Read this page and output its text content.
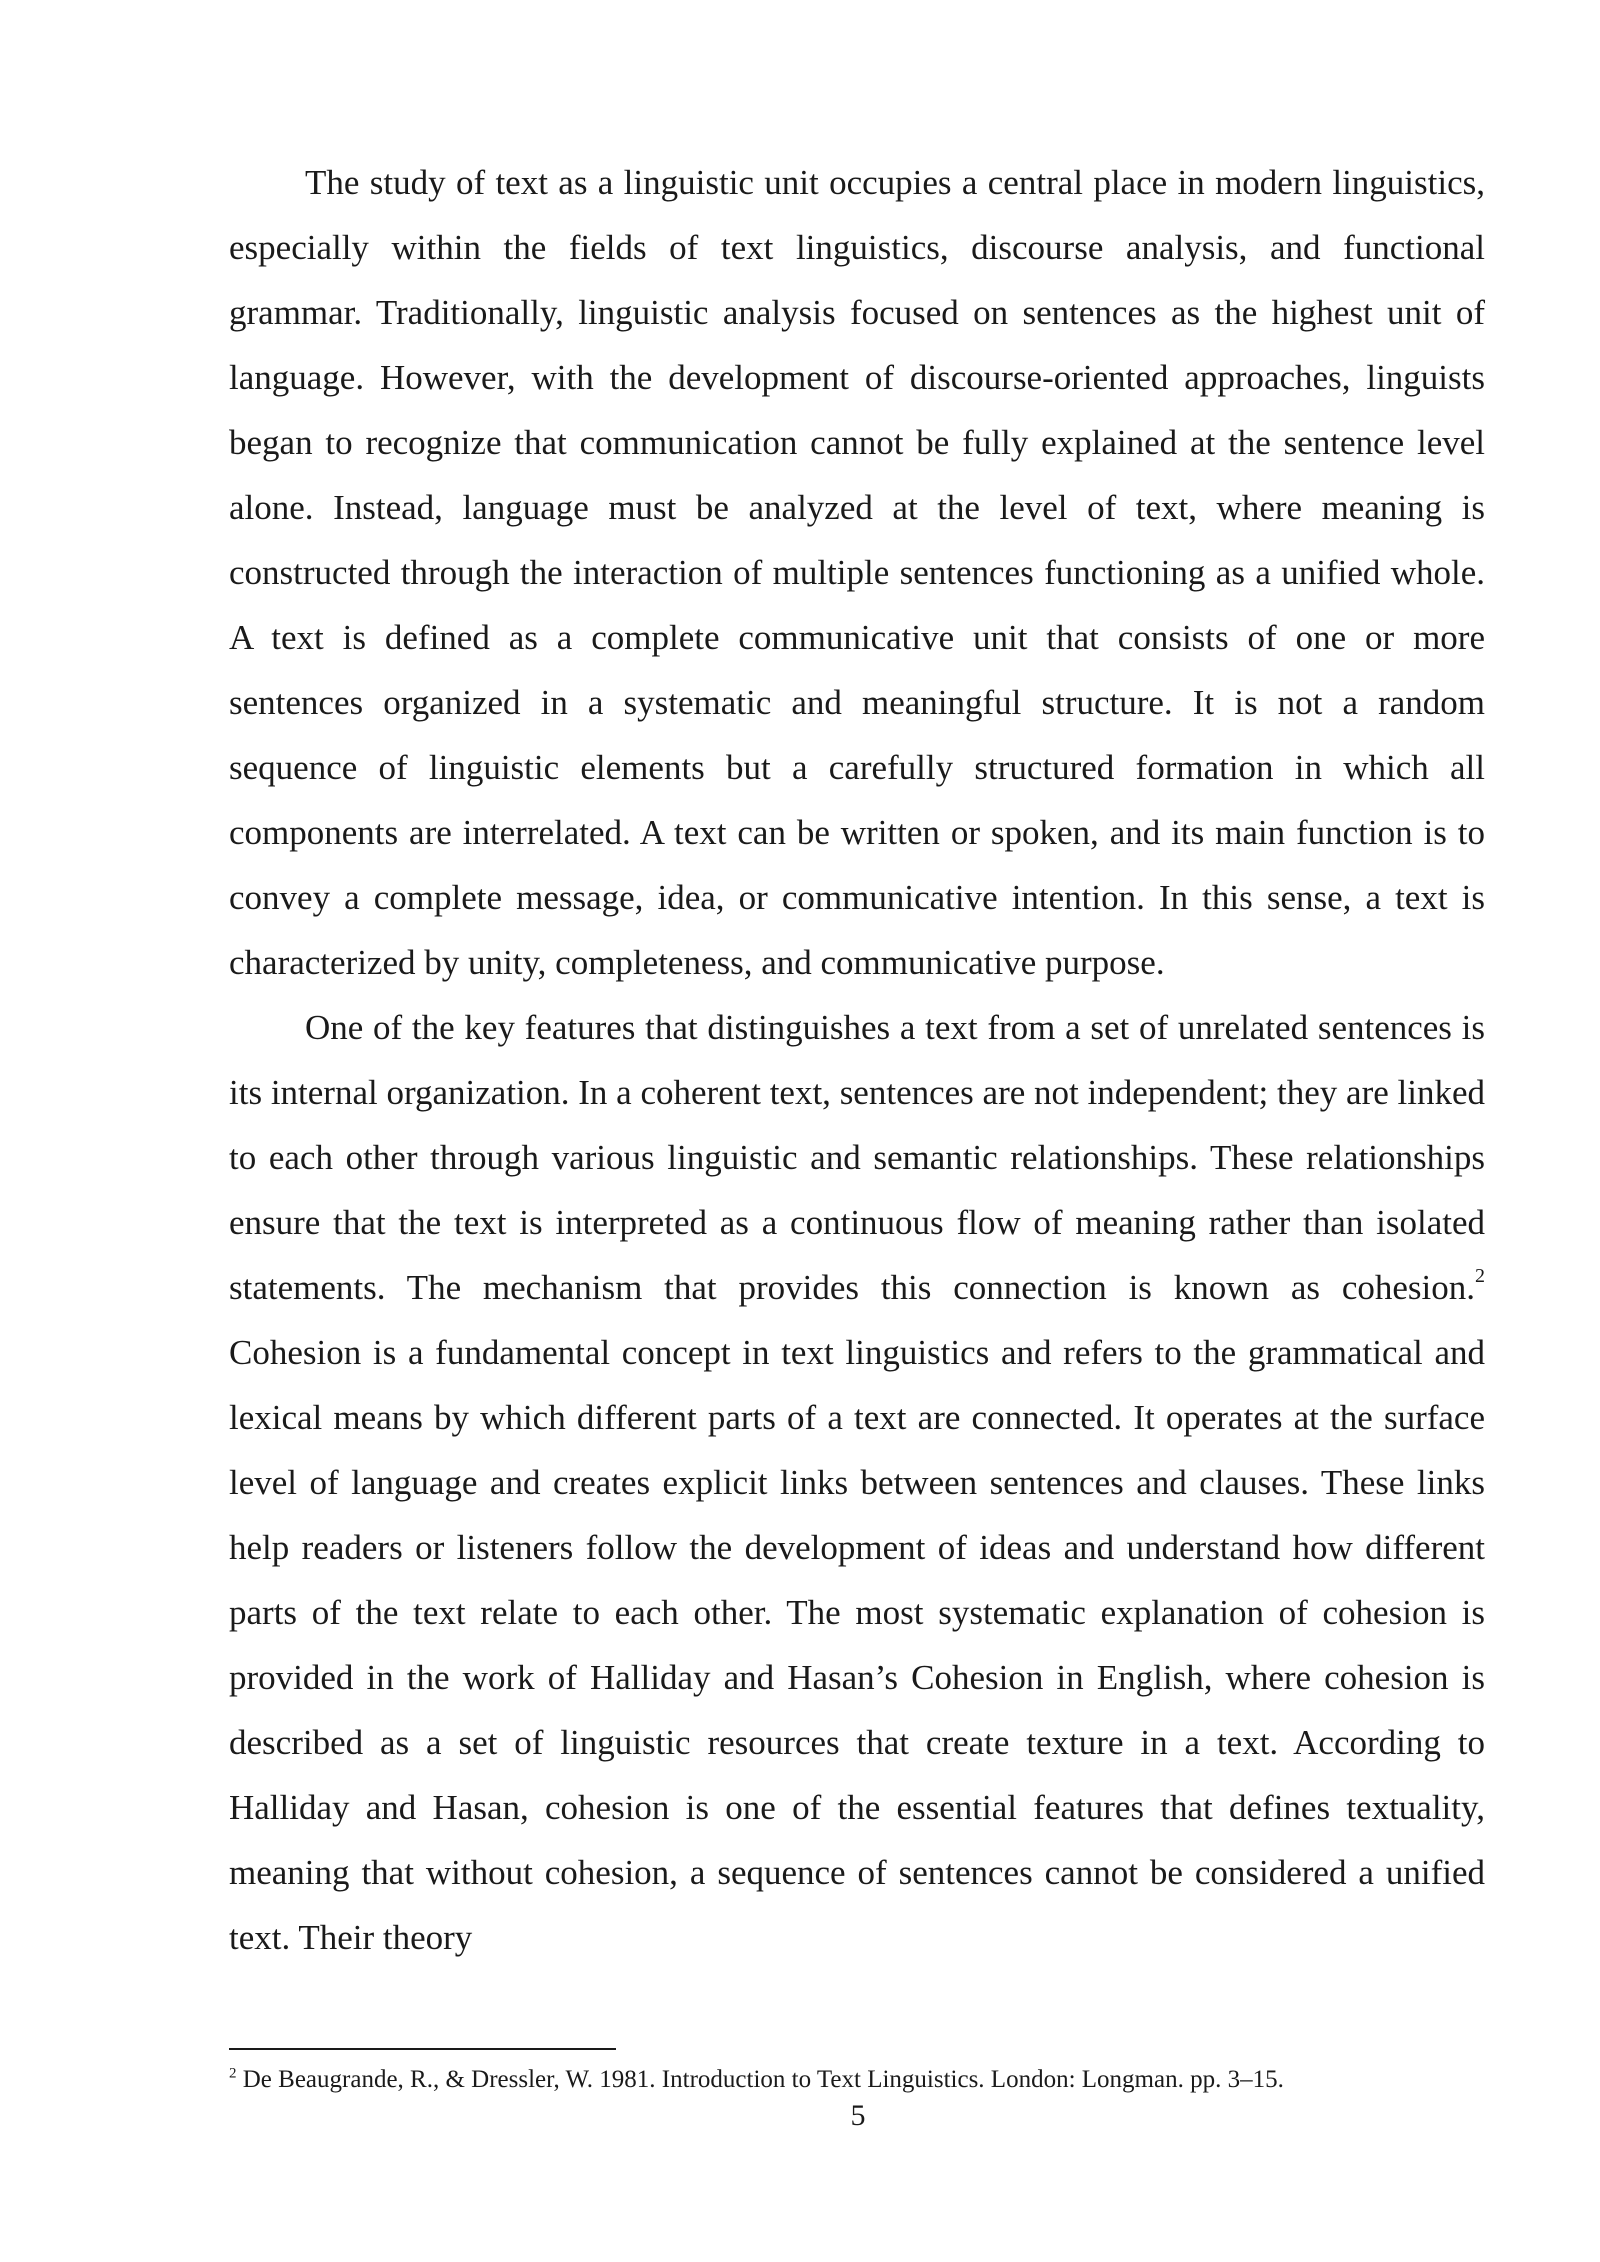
The study of text as a linguistic unit occupies a central place in modern linguistics, especially within the fields of text linguistics, discourse analysis, and functional grammar. Traditionally, linguistic analysis focused on sentences as the highest unit of language. However, with the development of discourse-oriented approaches, linguists began to recognize that communication cannot be fully explained at the sentence level alone. Instead, language must be analyzed at the level of text, where meaning is constructed through the interaction of multiple sentences functioning as a unified whole. A text is defined as a complete communicative unit that consists of one or more sentences organized in a systematic and meaningful structure. It is not a random sequence of linguistic elements but a carefully structured formation in which all components are interrelated. A text can be written or spoken, and its main function is to convey a complete message, idea, or communicative intention. In this sense, a text is characterized by unity, completeness, and communicative purpose.

One of the key features that distinguishes a text from a set of unrelated sentences is its internal organization. In a coherent text, sentences are not independent; they are linked to each other through various linguistic and semantic relationships. These relationships ensure that the text is interpreted as a continuous flow of meaning rather than isolated statements. The mechanism that provides this connection is known as cohesion.$^2$ Cohesion is a fundamental concept in text linguistics and refers to the grammatical and lexical means by which different parts of a text are connected. It operates at the surface level of language and creates explicit links between sentences and clauses. These links help readers or listeners follow the development of ideas and understand how different parts of the text relate to each other. The most systematic explanation of cohesion is provided in the work of Halliday and Hasan’s Cohesion in English, where cohesion is described as a set of linguistic resources that create texture in a text. According to Halliday and Hasan, cohesion is one of the essential features that defines textuality, meaning that without cohesion, a sequence of sentences cannot be considered a unified text. Their theory

$^2$ De Beaugrande, R., & Dressler, W. 1981. Introduction to Text Linguistics. London: Longman. pp. 3–15.
5
